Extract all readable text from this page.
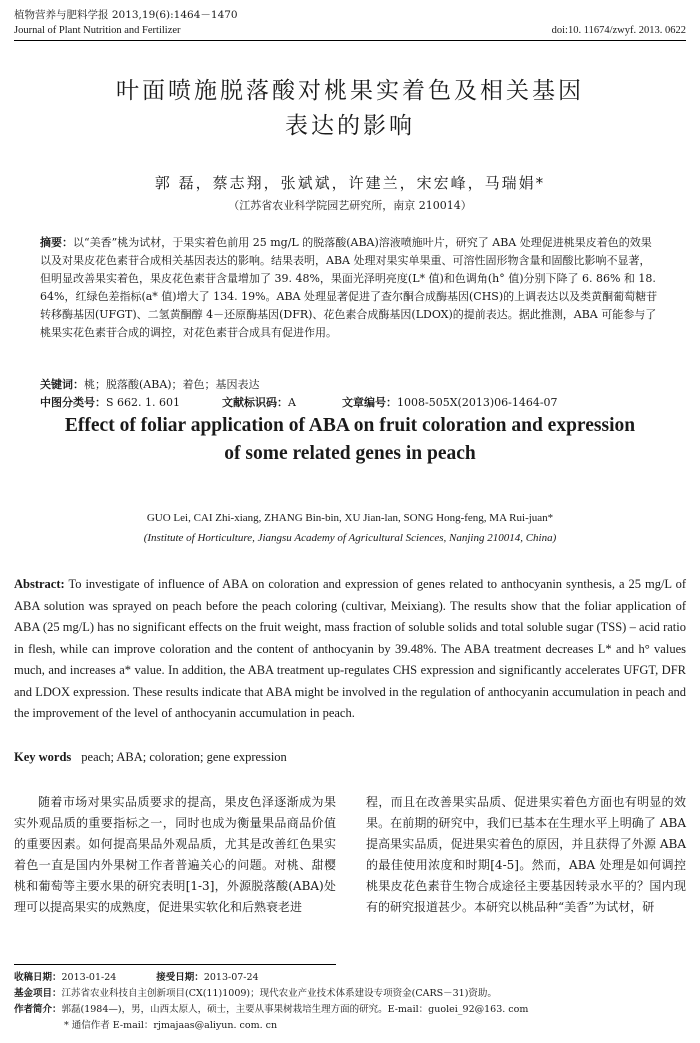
植物营养与肥料学报 2013,19(6):1464－1470
Journal of Plant Nutrition and Fertilizer	doi:10. 11674/zwyf. 2013. 0622
叶面喷施脱落酸对桃果实着色及相关基因
表达的影响
郭 磊，蔡志翔，张斌斌，许建兰，宋宏峰，马瑞娟*
（江苏省农业科学院园艺研究所，南京 210014）
摘要：以“美香”桃为试材，于果实着色前用 25 mg/L 的脱落酸(ABA)溶液喷施叶片，研究了 ABA 处理促进桃果皮着色的效果以及对果皮花色素苷合成相关基因表达的影响。结果表明，ABA 处理对果实单果重、可溶性固形物含量和固酸比影响不显著，但明显改善果实着色，果皮花色素苷含量增加了 39. 48%，果面光泽明亮度(L* 值)和色调角(h° 值)分别下降了 6. 86% 和 18. 64%，红绿色差指标(a* 值)增大了 134. 19%。ABA 处理显著促进了查尔酮合成酶基因(CHS)的上调表达以及类黄酮葡萄糖苷转移酶基因(UFGT)、二氢黄酮醇 4－还原酶基因(DFR)、花色素合成酶基因(LDOX)的提前表达。据此推测，ABA 可能参与了桃果实花色素苷合成的调控，对花色素苷合成具有促进作用。
关键词：桃；脱落酸(ABA)；着色；基因表达
中图分类号：S 662. 1. 601	文献标识码：A	文章编号：1008-505X(2013)06-1464-07
Effect of foliar application of ABA on fruit coloration and expression
of some related genes in peach
GUO Lei, CAI Zhi-xiang, ZHANG Bin-bin, XU Jian-lan, SONG Hong-feng, MA Rui-juan*
(Institute of Horticulture, Jiangsu Academy of Agricultural Sciences, Nanjing 210014, China)
Abstract: To investigate of influence of ABA on coloration and expression of genes related to anthocyanin synthesis, a 25 mg/L of ABA solution was sprayed on peach before the peach coloring (cultivar, Meixiang). The results show that the foliar application of ABA (25 mg/L) has no significant effects on the fruit weight, mass fraction of soluble solids and total soluble sugar (TSS) – acid ratio in flesh, while can improve coloration and the content of anthocyanin by 39.48%. The ABA treatment decreases L* and h° values much, and increases a* value. In addition, the ABA treatment up-regulates CHS expression and significantly accelerates UFGT, DFR and LDOX expression. These results indicate that ABA might be involved in the regulation of anthocyanin accumulation in peach and the improvement of the level of anthocyanin accumulation in peach.
Key words peach; ABA; coloration; gene expression
随着市场对果实品质要求的提高，果皮色泽逐渐成为果实外观品质的重要指标之一，同时也成为衡量果品商品价值的重要因素。如何提高果品外观品质，尤其是改善红色果实着色一直是国内外果树工作者普遍关心的问题。对桃、甜樱桃和葡萄等主要水果的研究表明[1-3]，外源脱落酸(ABA)处理可以提高果实的成熟度，促进果实软化和后熟衰老进
程，而且在改善果实品质、促进果实着色方面也有明显的效果。在前期的研究中，我们已基本在生理水平上明确了 ABA 提高果实品质，促进果实着色的原因，并且获得了外源 ABA 的最佳使用浓度和时期[4-5]。然而，ABA 处理是如何调控桃果皮花色素苷生物合成途径主要基因转录水平的？国内现有的研究报道甚少。本研究以桃品种“美香”为试材，研
收稿日期：2013-01-24	接受日期：2013-07-24
基金项目：江苏省农业科技自主创新项目(CX(11)1009)；现代农业产业技术体系建设专项资金(CARS－31)资助。
作者简介：郭磊(1984—)，男，山西太原人，硕士，主要从事果树栽培生理方面的研究。E-mail：guolei_92@163. com
* 通信作者 E-mail：rjmajaas@aliyun. com. cn
